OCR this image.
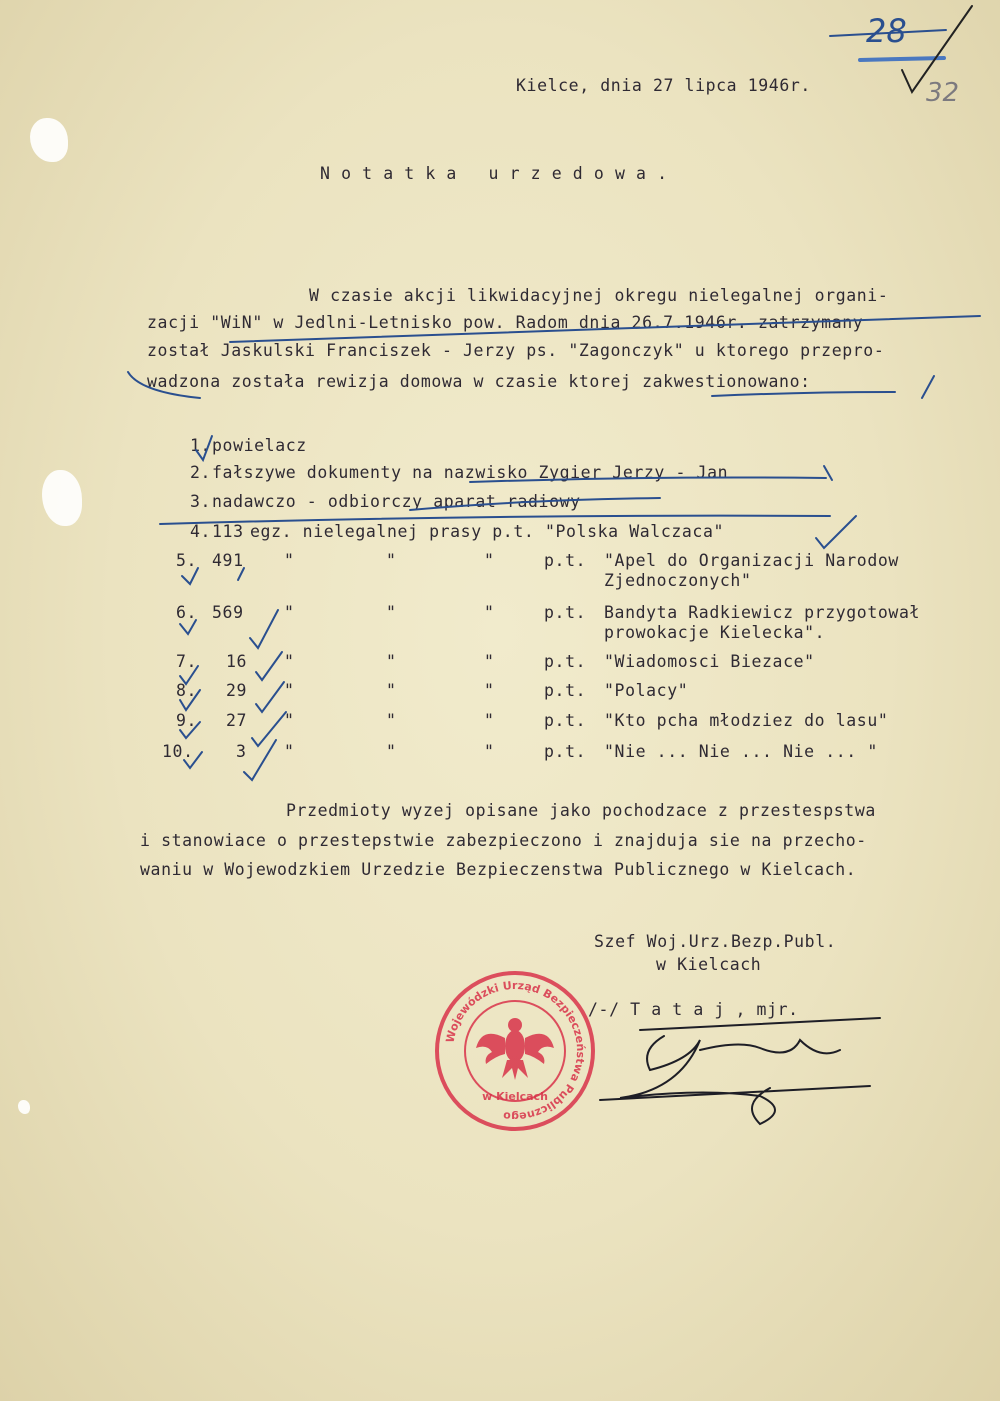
Kielce, dnia 27 lipca 1946r.
28
32
N o t a t k a   u r z e d o w a .
W czasie akcji likwidacyjnej okregu nielegalnej organi-
zacji "WiN" w Jedlni-Letnisko pow. Radom dnia 26.7.1946r. zatrzymany
został Jaskulski Franciszek - Jerzy ps. "Zagonczyk" u ktorego przepro-
wadzona została rewizja domowa w czasie ktorej zakwestionowano:
1. powielacz
2. fałszywe dokumenty na nazwisko Zygier Jerzy - Jan
3. nadawczo - odbiorczy aparat radiowy
4. 113 egz. nielegalnej prasy p.t. "Polska Walczaca"
5. 491 "	"	"	p.t. "Apel do Organizacji Narodow
Zjednoczonych"
6. 569 "	"	"	p.t. Bandyta Radkiewicz przygotował
prowokacje Kielecka".
7. 16 "	"	"	p.t. "Wiadomosci Biezace"
8. 29 "	"	"	p.t. "Polacy"
9. 27 "	"	"	p.t. "Kto pcha młodziez do lasu"
10.	3 "	"	"	p.t. "Nie ... Nie ... Nie ... "
Przedmioty wyzej opisane jako pochodzace z przestespstwa
i stanowiace o przestepstwie zabezpieczono i znajduja sie na przecho-
waniu w Wojewodzkiem Urzedzie Bezpieczenstwa Publicznego w Kielcach.
Szef Woj.Urz.Bezp.Publ.
w Kielcach
/-/ T a t a j , mjr.
Wojewódzki Urząd Bezpieczeństwa Publicznego
w Kielcach
